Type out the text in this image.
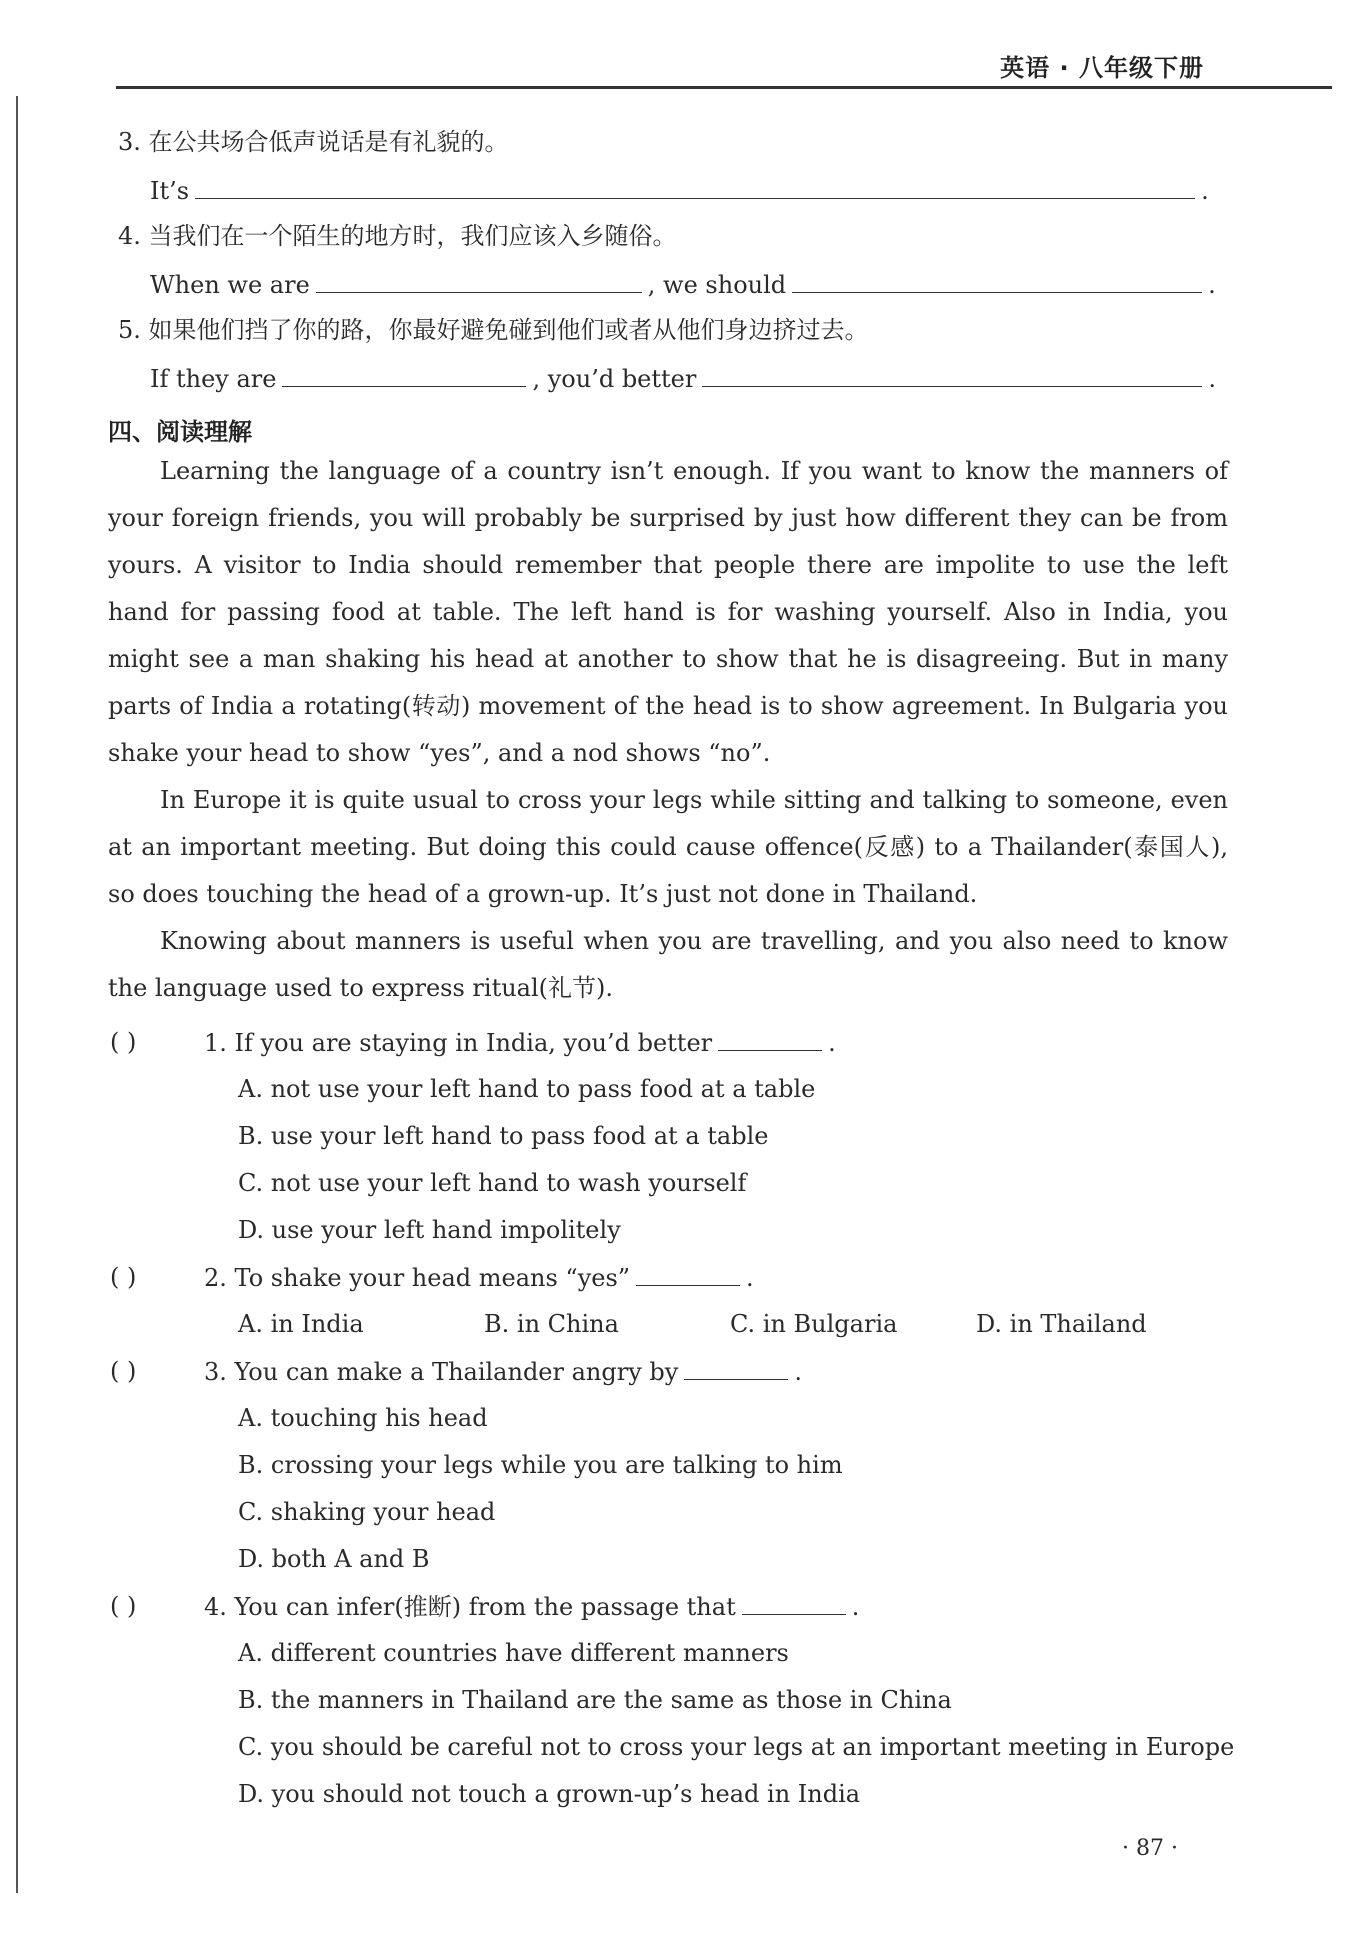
英语 · 八年级下册
3. 在公共场合低声说话是有礼貌的。
It’s	.
4. 当我们在一个陌生的地方时，我们应该入乡随俗。
When we are	, we should	.
5. 如果他们挡了你的路，你最好避免碰到他们或者从他们身边挤过去。
If they are	, you’d better	.
四、阅读理解
Learning the language of a country isn’t enough. If you want to know the manners of your foreign friends, you will probably be surprised by just how different they can be from yours. A visitor to India should remember that people there are impolite to use the left hand for passing food at table. The left hand is for washing yourself. Also in India, you might see a man shaking his head at another to show that he is disagreeing. But in many parts of India a rotating(转动) movement of the head is to show agreement. In Bulgaria you shake your head to show “yes”, and a nod shows “no”.
In Europe it is quite usual to cross your legs while sitting and talking to someone, even at an important meeting. But doing this could cause offence(反感) to a Thailander(泰国人), so does touching the head of a grown-up. It’s just not done in Thailand.
Knowing about manners is useful when you are travelling, and you also need to know the language used to express ritual(礼节).
( )	1. If you are staying in India, you’d better	.
A. not use your left hand to pass food at a table
B. use your left hand to pass food at a table
C. not use your left hand to wash yourself
D. use your left hand impolitely
( )	2. To shake your head means “yes”	.
A. in India	B. in China	C. in Bulgaria	D. in Thailand
( )	3. You can make a Thailander angry by	.
A. touching his head
B. crossing your legs while you are talking to him
C. shaking your head
D. both A and B
( )	4. You can infer(推断) from the passage that	.
A. different countries have different manners
B. the manners in Thailand are the same as those in China
C. you should be careful not to cross your legs at an important meeting in Europe
D. you should not touch a grown-up’s head in India
· 87 ·
